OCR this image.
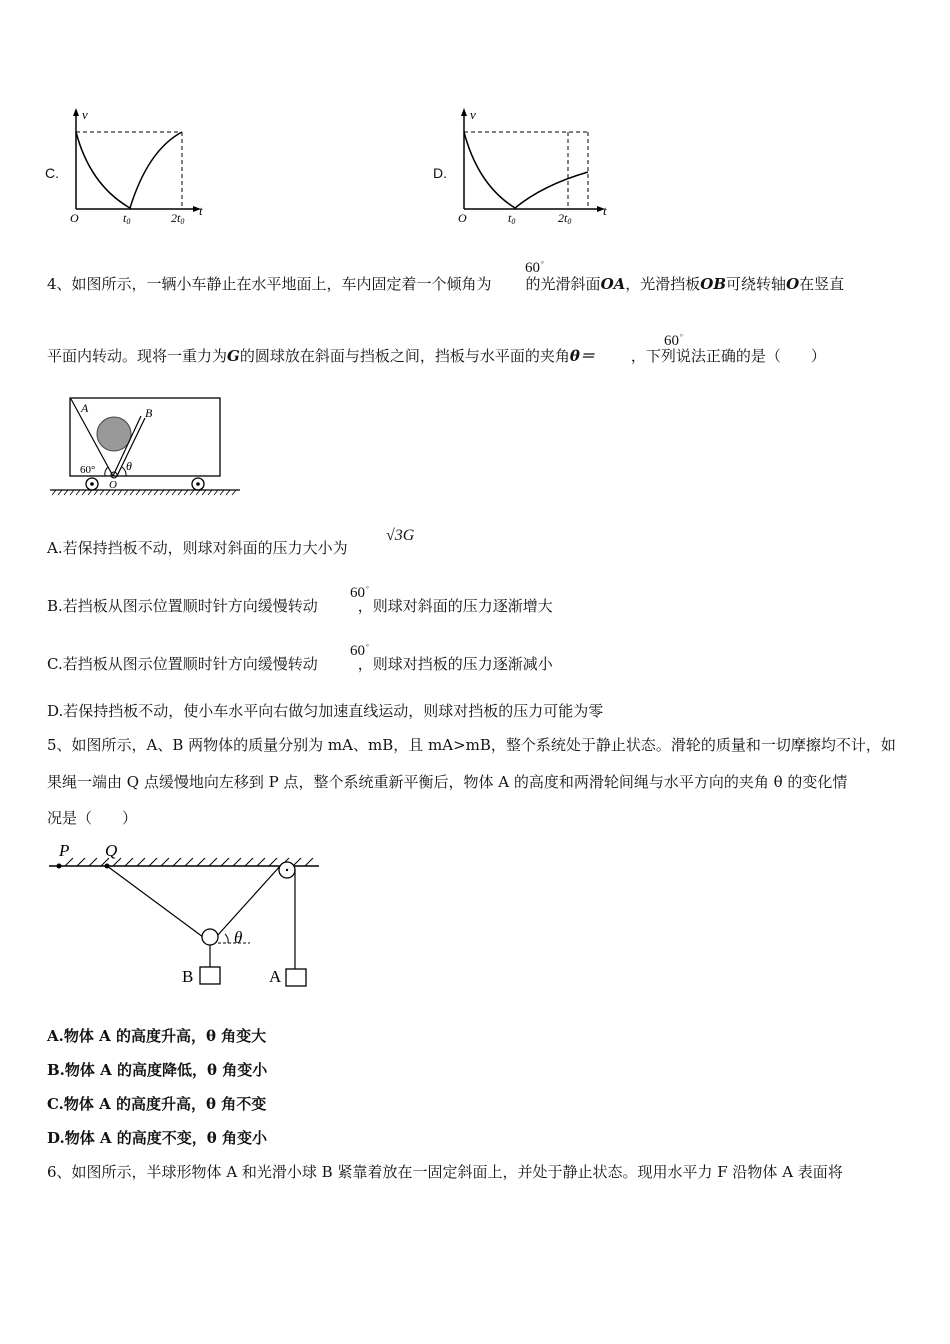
C.
v
t
O	t0	2t0
D.
v
t
O	t0	2t0
4、如图所示，一辆小车静止在水平地面上，车内固定着一个倾角为 的光滑斜面OA，光滑挡板OB可绕转轴O在竖直
60°
平面内转动。现将一重力为G的圆球放在斜面与挡板之间，挡板与水平面的夹角θ＝ ，下列说法正确的是（　　）
60°
A	B
60°	θ
O
A.若保持挡板不动，则球对斜面的压力大小为
√3G
B.若挡板从图示位置顺时针方向缓慢转动	，则球对斜面的压力逐渐增大
60°
C.若挡板从图示位置顺时针方向缓慢转动	，则球对挡板的压力逐渐减小
60°
D.若保持挡板不动，使小车水平向右做匀加速直线运动，则球对挡板的压力可能为零
5、如图所示，A、B 两物体的质量分别为 mA、mB，且 mA>mB，整个系统处于静止状态。滑轮的质量和一切摩擦均不计，如
果绳一端由 Q 点缓慢地向左移到 P 点，整个系统重新平衡后，物体 A 的高度和两滑轮间绳与水平方向的夹角 θ 的变化情
况是（　　）
P Q
θ
B	A
A.物体 A 的高度升高，θ 角变大
B.物体 A 的高度降低，θ 角变小
C.物体 A 的高度升高，θ 角不变
D.物体 A 的高度不变，θ 角变小
6、如图所示，半球形物体 A 和光滑小球 B 紧靠着放在一固定斜面上，并处于静止状态。现用水平力 F 沿物体 A 表面将
